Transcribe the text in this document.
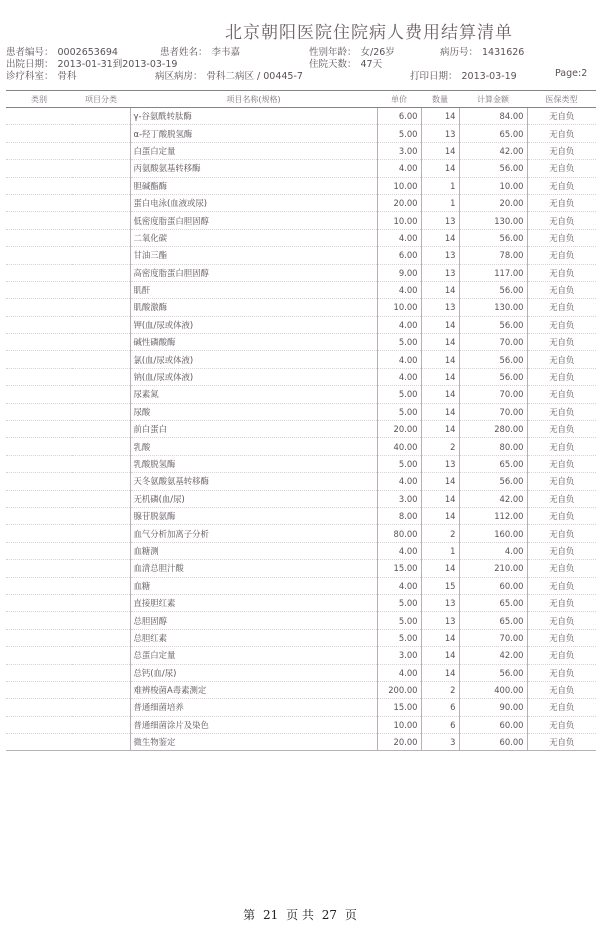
北京朝阳医院住院病人费用结算清单
患者编号： 0002653694	患者姓名： 李韦嘉	性别年龄： 女/26岁	病历号： 1431626
出院日期： 2013-01-31到2013-03-19	住院天数： 47天
诊疗科室： 骨科	病区病房： 骨科二病区 / 00445-7	打印日期： 2013-03-19	Page:2
类别	项目分类	项目名称(规格)	单价	数量	计算金额	医保类型
		γ-谷氨酰转肽酶	6.00	14	84.00	无自负
		α-羟丁酸脱氢酶	5.00	13	65.00	无自负
		白蛋白定量	3.00	14	42.00	无自负
		丙氨酸氨基转移酶	4.00	14	56.00	无自负
		胆碱酯酶	10.00	1	10.00	无自负
		蛋白电泳(血液或尿)	20.00	1	20.00	无自负
		低密度脂蛋白胆固醇	10.00	13	130.00	无自负
		二氧化碳	4.00	14	56.00	无自负
		甘油三酯	6.00	13	78.00	无自负
		高密度脂蛋白胆固醇	9.00	13	117.00	无自负
		肌酐	4.00	14	56.00	无自负
		肌酸激酶	10.00	13	130.00	无自负
		钾(血/尿或体液)	4.00	14	56.00	无自负
		碱性磷酸酶	5.00	14	70.00	无自负
		氯(血/尿或体液)	4.00	14	56.00	无自负
		钠(血/尿或体液)	4.00	14	56.00	无自负
		尿素氮	5.00	14	70.00	无自负
		尿酸	5.00	14	70.00	无自负
		前白蛋白	20.00	14	280.00	无自负
		乳酸	40.00	2	80.00	无自负
		乳酸脱氢酶	5.00	13	65.00	无自负
		天冬氨酸氨基转移酶	4.00	14	56.00	无自负
		无机磷(血/尿)	3.00	14	42.00	无自负
		腺苷脱氨酶	8.00	14	112.00	无自负
		血气分析加离子分析	80.00	2	160.00	无自负
		血糖测	4.00	1	4.00	无自负
		血清总胆汁酸	15.00	14	210.00	无自负
		血糖	4.00	15	60.00	无自负
		直接胆红素	5.00	13	65.00	无自负
		总胆固醇	5.00	13	65.00	无自负
		总胆红素	5.00	14	70.00	无自负
		总蛋白定量	3.00	14	42.00	无自负
		总钙(血/尿)	4.00	14	56.00	无自负
		难辨梭菌A毒素测定	200.00	2	400.00	无自负
		普通细菌培养	15.00	6	90.00	无自负
		普通细菌涂片及染色	10.00	6	60.00	无自负
		微生物鉴定	20.00	3	60.00	无自负
第 21 页 共 27 页
